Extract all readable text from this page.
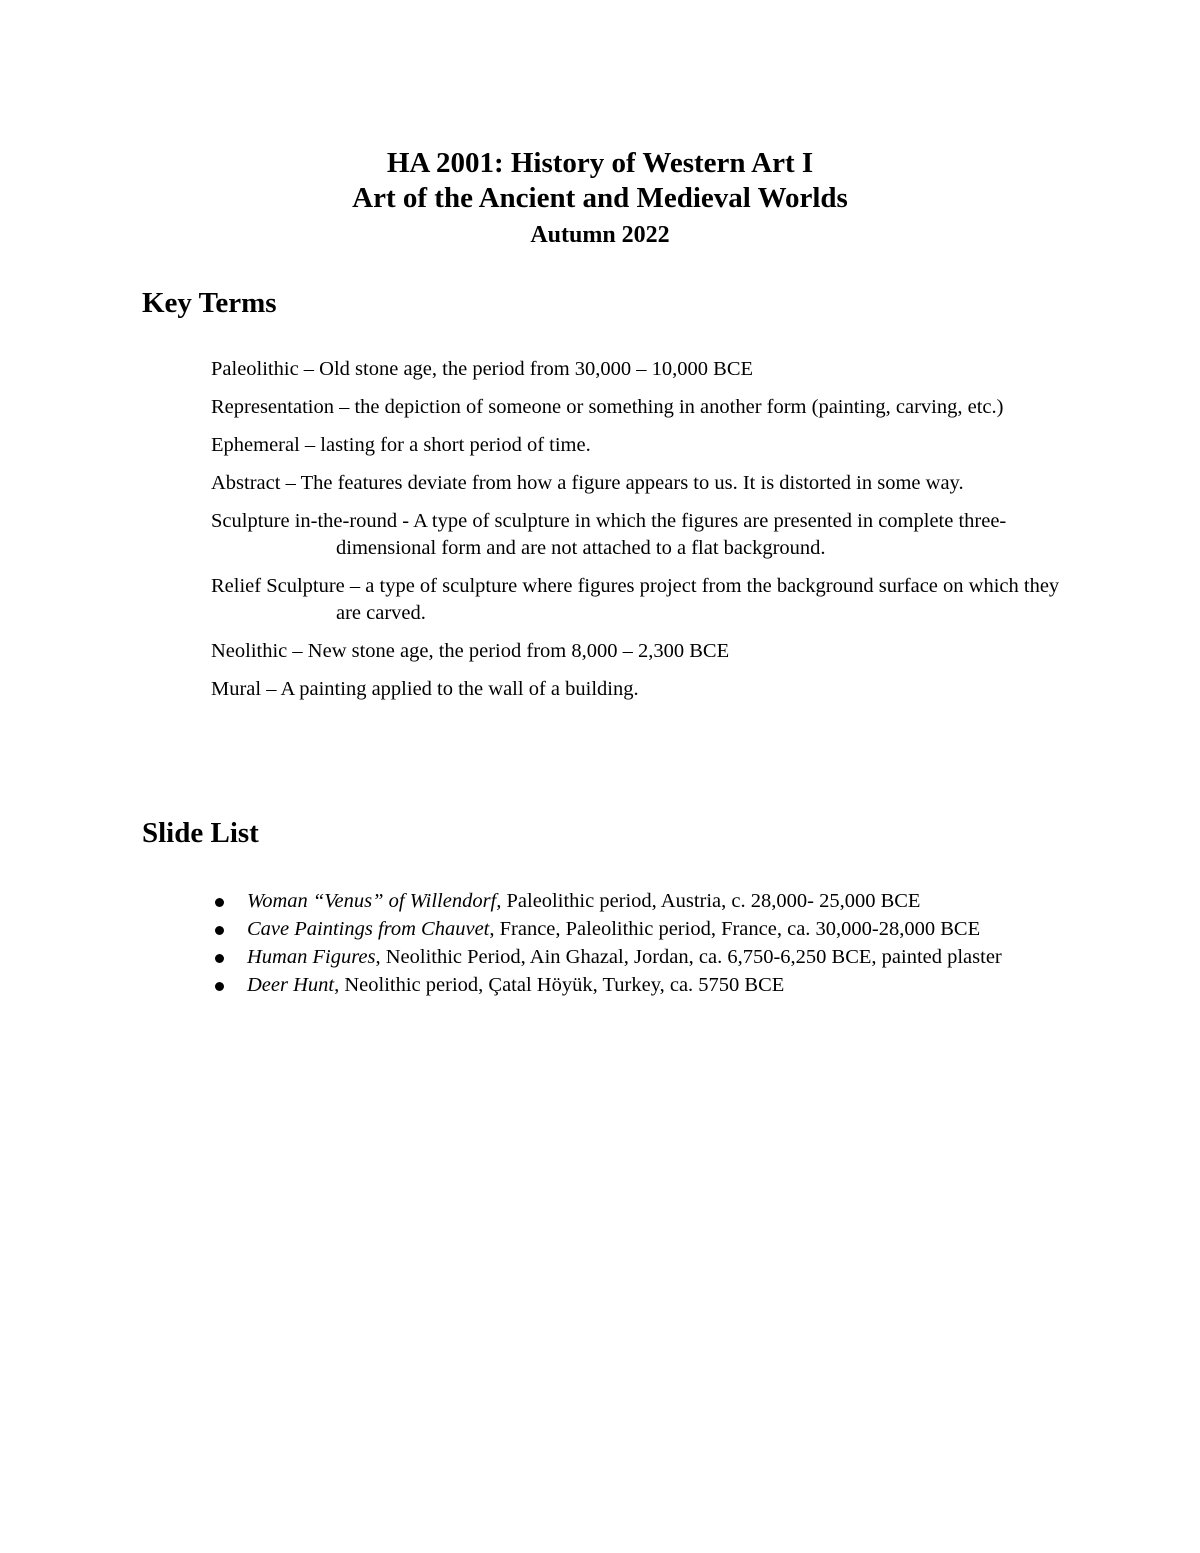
HA 2001: History of Western Art I
Art of the Ancient and Medieval Worlds
Autumn 2022
Key Terms
Paleolithic – Old stone age, the period from 30,000 – 10,000 BCE
Representation – the depiction of someone or something in another form (painting, carving, etc.)
Ephemeral – lasting for a short period of time.
Abstract – The features deviate from how a figure appears to us. It is distorted in some way.
Sculpture in-the-round - A type of sculpture in which the figures are presented in complete three-dimensional form and are not attached to a flat background.
Relief Sculpture – a type of sculpture where figures project from the background surface on which they are carved.
Neolithic – New stone age, the period from 8,000 – 2,300 BCE
Mural – A painting applied to the wall of a building.
Slide List
Woman “Venus” of Willendorf, Paleolithic period, Austria, c. 28,000- 25,000 BCE
Cave Paintings from Chauvet, France, Paleolithic period, France, ca. 30,000-28,000 BCE
Human Figures, Neolithic Period, Ain Ghazal, Jordan, ca. 6,750-6,250 BCE, painted plaster
Deer Hunt, Neolithic period, Çatal Höyük, Turkey, ca. 5750 BCE
